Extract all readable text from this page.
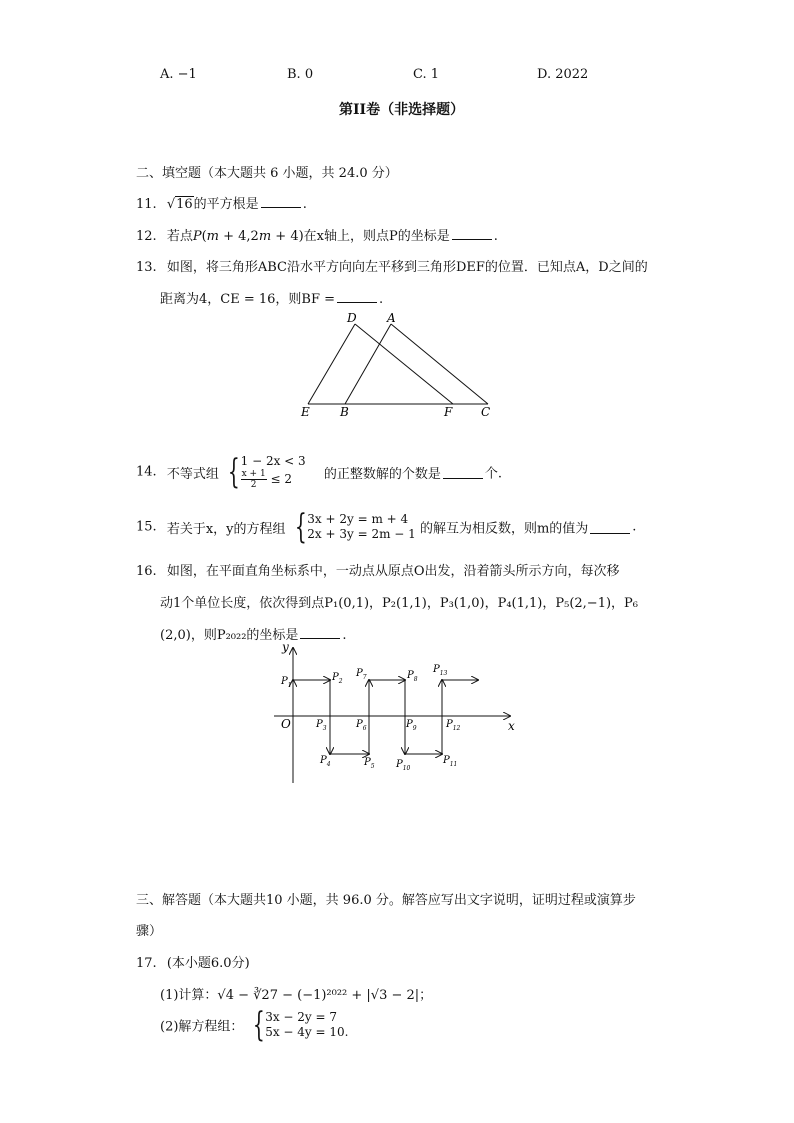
A. −1	B. 0	C. 1	D. 2022
第II卷（非选择题）
二、填空题（本大题共 6 小题，共 24.0 分）
11. √16的平方根是	.
12. 若点P(m + 4,2m + 4)在x轴上，则点P的坐标是	.
13. 如图，将三角形ABC沿水平方向向左平移到三角形DEF的位置．已知点A，D之间的
距离为4，CE = 16，则BF =	.
D	A
E	B	F C
14. 不等式组 { 1 − 2x < 3
$\frac{x + 1}{2} \le 2$	的正整数解的个数是	个.
15. 若关于x，y的方程组 { 3x + 2y = m + 4
2x + 3y = 2m − 1 的解互为相反数，则m的值为	.
16. 如图，在平面直角坐标系中，一动点从原点O出发，沿着箭头所示方向，每次移
动1个单位长度，依次得到点P₁(0,1)，P₂(1,1)，P₃(1,0)，P₄(1,1)，P₅(2,−1)，P₆
(2,0)，则P₂₀₂₂的坐标是	.
y
x
O
$P_1$
$P_2$
$P_3$
$P_4$	$P_5$
$P_6$
$P_7$	$P_8$
$P_9$
$P_{10}$
$P_{11}$
$P_{12}$
$P_{13}$
三、解答题（本大题共10 小题，共 96.0 分。解答应写出文字说明，证明过程或演算步
骤）
17. (本小题6.0分)
(1)计算：√4 − ∛27 − (−1)²⁰²² + |√3 − 2|；
(2)解方程组： { 3x − 2y = 7
5x − 4y = 10.
